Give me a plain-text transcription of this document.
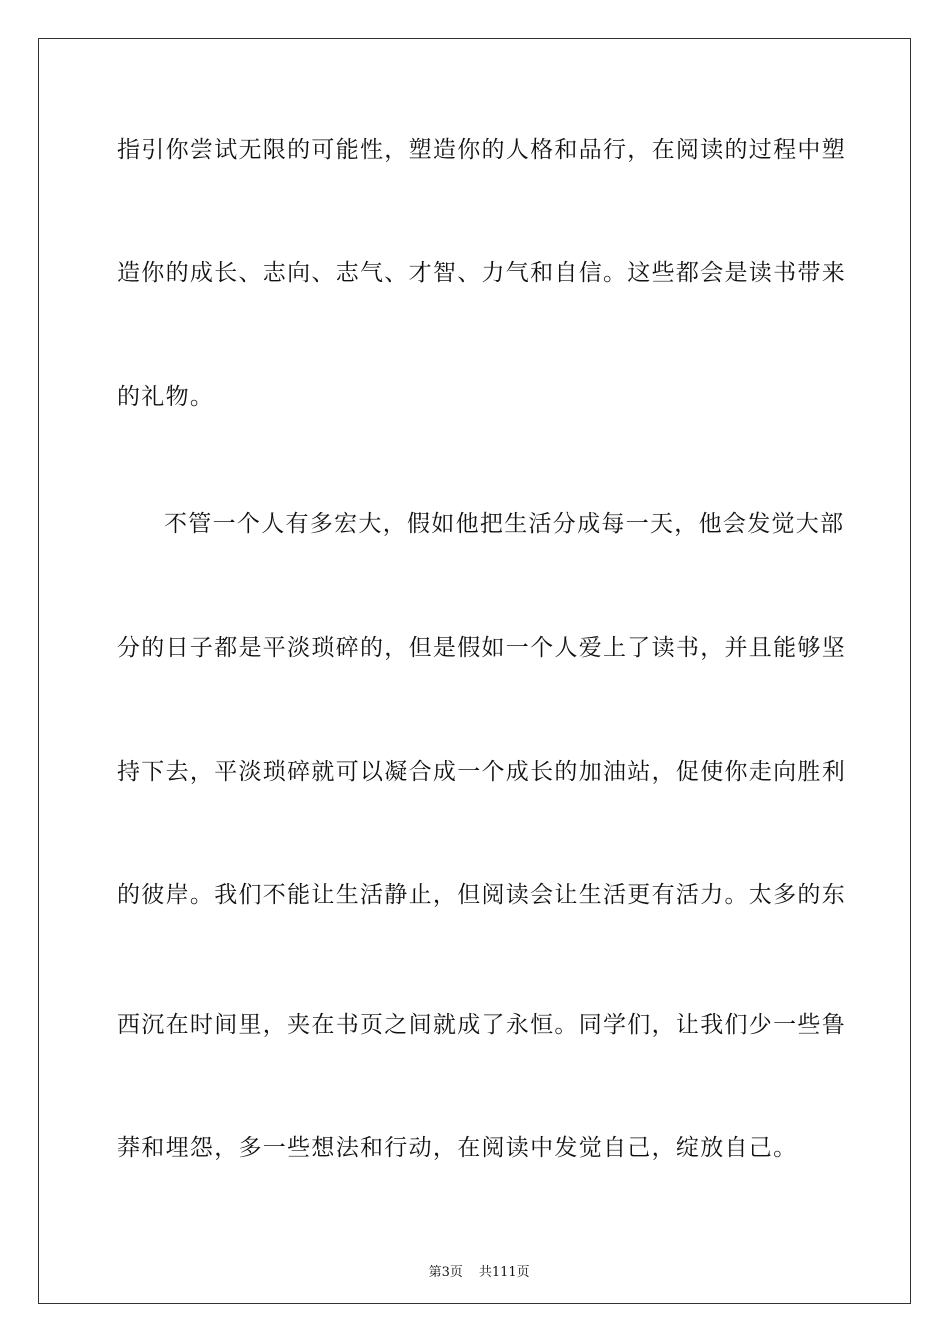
指引你尝试无限的可能性，塑造你的人格和品行，在阅读的过程中塑
造你的成长、志向、志气、才智、力气和自信。这些都会是读书带来
的礼物。
不管一个人有多宏大，假如他把生活分成每一天，他会发觉大部
分的日子都是平淡琐碎的，但是假如一个人爱上了读书，并且能够坚
持下去，平淡琐碎就可以凝合成一个成长的加油站，促使你走向胜利
的彼岸。我们不能让生活静止，但阅读会让生活更有活力。太多的东
西沉在时间里，夹在书页之间就成了永恒。同学们，让我们少一些鲁
莽和埋怨，多一些想法和行动，在阅读中发觉自己，绽放自己。

第3页 共111页
